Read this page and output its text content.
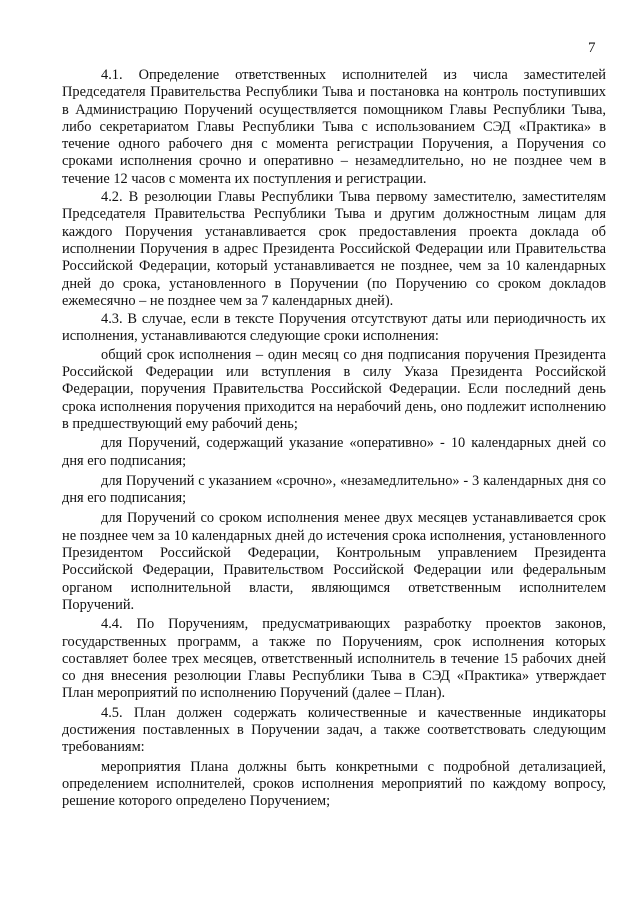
7

4.1. Определение ответственных исполнителей из числа заместителей Председателя Правительства Республики Тыва и постановка на контроль поступивших в Администрацию Поручений осуществляется помощником Главы Республики Тыва, либо секретариатом Главы Республики Тыва с использованием СЭД «Практика» в течение одного рабочего дня с момента регистрации Поручения, а Поручения со сроками исполнения срочно и оперативно – незамедлительно, но не позднее чем в течение 12 часов с момента их поступления и регистрации.

4.2. В резолюции Главы Республики Тыва первому заместителю, заместителям Председателя Правительства Республики Тыва и другим должностным лицам для каждого Поручения устанавливается срок предоставления проекта доклада об исполнении Поручения в адрес Президента Российской Федерации или Правительства Российской Федерации, который устанавливается не позднее, чем за 10 календарных дней до срока, установленного в Поручении (по Поручению со сроком докладов ежемесячно – не позднее чем за 7 календарных дней).

4.3. В случае, если в тексте Поручения отсутствуют даты или периодичность их исполнения, устанавливаются следующие сроки исполнения:

общий срок исполнения – один месяц со дня подписания поручения Президента Российской Федерации или вступления в силу Указа Президента Российской Федерации, поручения Правительства Российской Федерации. Если последний день срока исполнения поручения приходится на нерабочий день, оно подлежит исполнению в предшествующий ему рабочий день;

для Поручений, содержащий указание «оперативно» - 10 календарных дней со дня его подписания;

для Поручений с указанием «срочно», «незамедлительно» - 3 календарных дня со дня его подписания;

для Поручений со сроком исполнения менее двух месяцев устанавливается срок не позднее чем за 10 календарных дней до истечения срока исполнения, установленного Президентом Российской Федерации, Контрольным управлением Президента Российской Федерации, Правительством Российской Федерации или федеральным органом исполнительной власти, являющимся ответственным исполнителем Поручений.

4.4. По Поручениям, предусматривающих разработку проектов законов, государственных программ, а также по Поручениям, срок исполнения которых составляет более трех месяцев, ответственный исполнитель в течение 15 рабочих дней со дня внесения резолюции Главы Республики Тыва в СЭД «Практика» утверждает План мероприятий по исполнению Поручений (далее – План).

4.5. План должен содержать количественные и качественные индикаторы достижения поставленных в Поручении задач, а также соответствовать следующим требованиям:

мероприятия Плана должны быть конкретными с подробной детализацией, определением исполнителей, сроков исполнения мероприятий по каждому вопросу, решение которого определено Поручением;
